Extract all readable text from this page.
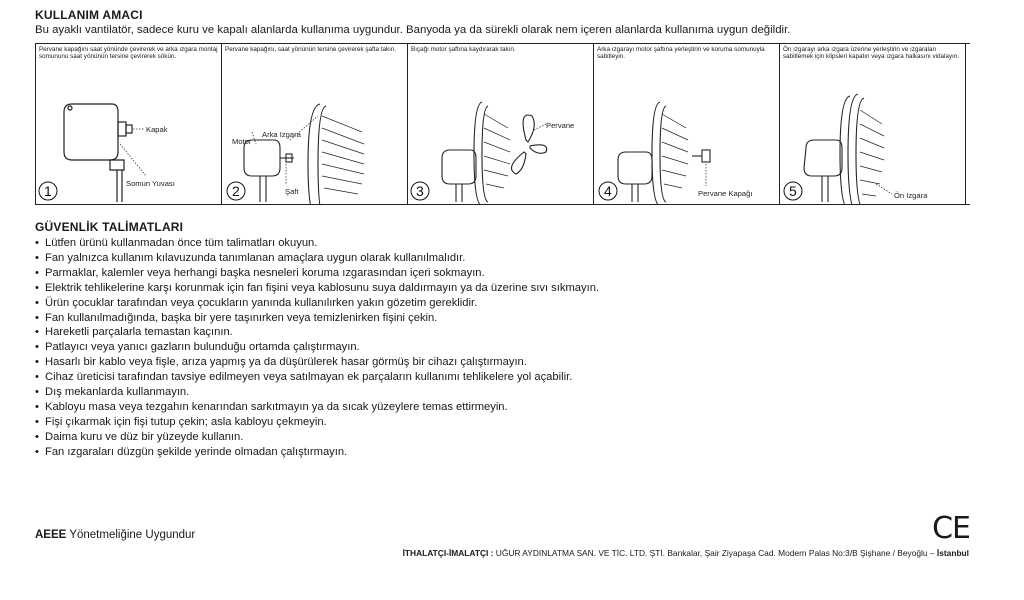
KULLANIM AMACI

Bu ayaklı vantilatör, sadece kuru ve kapalı alanlarda kullanıma uygundur. Banyoda ya da sürekli olarak nem içeren alanlarda kullanıma uygun değildir.

Pervane kapağını saat yönünde çevirerek ve arka ızgara montaj somununu saat yönünün tersine çevirerek sökün.

Kapak
Somun Yuvası
1

Pervane kapağını, saat yönünün tersine çevirerek şafta takın.

Arka Izgara
Motor
Şaft
2

Bıçağı motor şaftına kaydırarak takın.

Pervane
3

Arka ızgarayı motor şaftına yerleştirin ve koruma somunuyla sabitleyin.

Pervane Kapağı
4

Ön ızgarayı arka ızgara üzerine yerleştirin ve ızgaraları sabitlemek için klipsleri kapatın veya ızgara halkasını vidalayın.

Ön Izgara
5

GÜVENLİK TALİMATLARI

• Lütfen ürünü kullanmadan önce tüm talimatları okuyun.
• Fan yalnızca kullanım kılavuzunda tanımlanan amaçlara uygun olarak kullanılmalıdır.
• Parmaklar, kalemler veya herhangi başka nesneleri koruma ızgarasından içeri sokmayın.
• Elektrik tehlikelerine karşı korunmak için fan fişini veya kablosunu suya daldırmayın ya da üzerine sıvı sıkmayın.
• Ürün çocuklar tarafından veya çocukların yanında kullanılırken yakın gözetim gereklidir.
• Fan kullanılmadığında, başka bir yere taşınırken veya temizlenirken fişini çekin.
• Hareketli parçalarla temastan kaçının.
• Patlayıcı veya yanıcı gazların bulunduğu ortamda çalıştırmayın.
• Hasarlı bir kablo veya fişle, arıza yapmış ya da düşürülerek hasar görmüş bir cihazı çalıştırmayın.
• Cihaz üreticisi tarafından tavsiye edilmeyen veya satılmayan ek parçaların kullanımı tehlikelere yol açabilir.
• Dış mekanlarda kullanmayın.
• Kabloyu masa veya tezgahın kenarından sarkıtmayın ya da sıcak yüzeylere temas ettirmeyin.
• Fişi çıkarmak için fişi tutup çekin; asla kabloyu çekmeyin.
• Daima kuru ve düz bir yüzeyde kullanın.
• Fan ızgaraları düzgün şekilde yerinde olmadan çalıştırmayın.
AEEE Yönetmeliğine Uygundur	CE
İTHALATÇI-İMALATÇI : UĞUR AYDINLATMA SAN. VE TİC. LTD. ŞTİ. Bankalar, Şair Ziyapaşa Cad. Modern Palas No:3/B Şişhane / Beyoğlu – İstanbul
